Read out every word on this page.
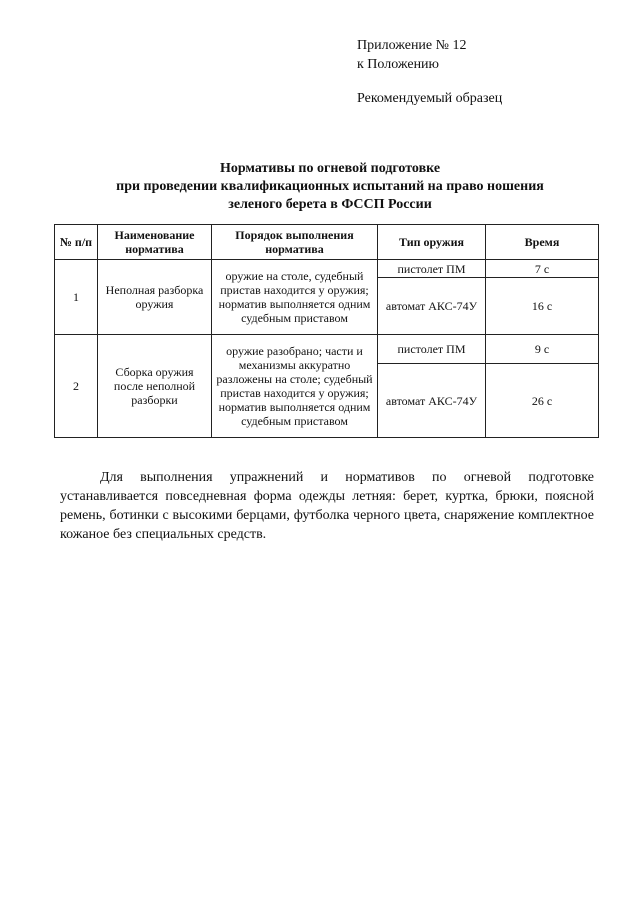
Приложение № 12
к Положению
Рекомендуемый образец
Нормативы по огневой подготовке
при проведении квалификационных испытаний на право ношения
зеленого берета в ФССП России
№ п/п	Наименование норматива	Порядок выполнения норматива	Тип оружия	Время
1	Неполная разборка оружия	оружие на столе, судебный пристав находится у оружия; норматив выполняется одним судебным приставом	пистолет ПМ	7 с
			автомат АКС-74У	16 с
2	Сборка оружия после неполной разборки	оружие разобрано; части и механизмы аккуратно разложены на столе; судебный пристав находится у оружия; норматив выполняется одним судебным приставом	пистолет ПМ	9 с
			автомат АКС-74У	26 с

Для выполнения упражнений и нормативов по огневой подготовке устанавливается повседневная форма одежды летняя: берет, куртка, брюки, поясной ремень, ботинки с высокими берцами, футболка черного цвета, снаряжение комплектное кожаное без специальных средств.
